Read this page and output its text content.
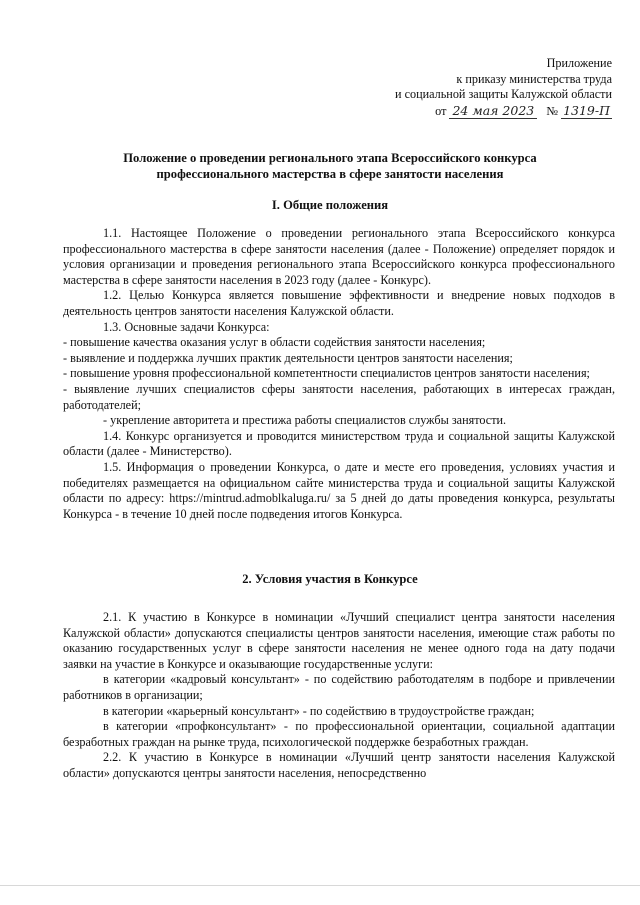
Приложение
к приказу министерства труда
и социальной защиты Калужской области
от 24 мая 2023 № 1319-П
Положение о проведении регионального этапа Всероссийского конкурса
профессионального мастерства в сфере занятости населения
I. Общие положения

1.1. Настоящее Положение о проведении регионального этапа Всероссийского конкурса профессионального мастерства в сфере занятости населения (далее - Положение) определяет порядок и условия организации и проведения регионального этапа Всероссийского конкурса профессионального мастерства в сфере занятости населения в 2023 году (далее - Конкурс).

1.2. Целью Конкурса является повышение эффективности и внедрение новых подходов в деятельность центров занятости населения Калужской области.

1.3. Основные задачи Конкурса:

- повышение качества оказания услуг в области содействия занятости населения;

- выявление и поддержка лучших практик деятельности центров занятости населения;

- повышение уровня профессиональной компетентности специалистов центров занятости населения;

- выявление лучших специалистов сферы занятости населения, работающих в интересах граждан, работодателей;

- укрепление авторитета и престижа работы специалистов службы занятости.

1.4. Конкурс организуется и проводится министерством труда и социальной защиты Калужской области (далее - Министерство).

1.5. Информация о проведении Конкурса, о дате и месте его проведения, условиях участия и победителях размещается на официальном сайте министерства труда и социальной защиты Калужской области по адресу: https://mintrud.admoblkaluga.ru/ за 5 дней до даты проведения конкурса, результаты Конкурса - в течение 10 дней после подведения итогов Конкурса.

2. Условия участия в Конкурсе

2.1. К участию в Конкурсе в номинации «Лучший специалист центра занятости населения Калужской области» допускаются специалисты центров занятости населения, имеющие стаж работы по оказанию государственных услуг в сфере занятости населения не менее одного года на дату подачи заявки на участие в Конкурсе и оказывающие государственные услуги:

в категории «кадровый консультант» - по содействию работодателям в подборе и привлечении работников в организации;

в категории «карьерный консультант» - по содействию в трудоустройстве граждан;

в категории «профконсультант» - по профессиональной ориентации, социальной адаптации безработных граждан на рынке труда, психологической поддержке безработных граждан.

2.2. К участию в Конкурсе в номинации «Лучший центр занятости населения Калужской области» допускаются центры занятости населения, непосредственно
